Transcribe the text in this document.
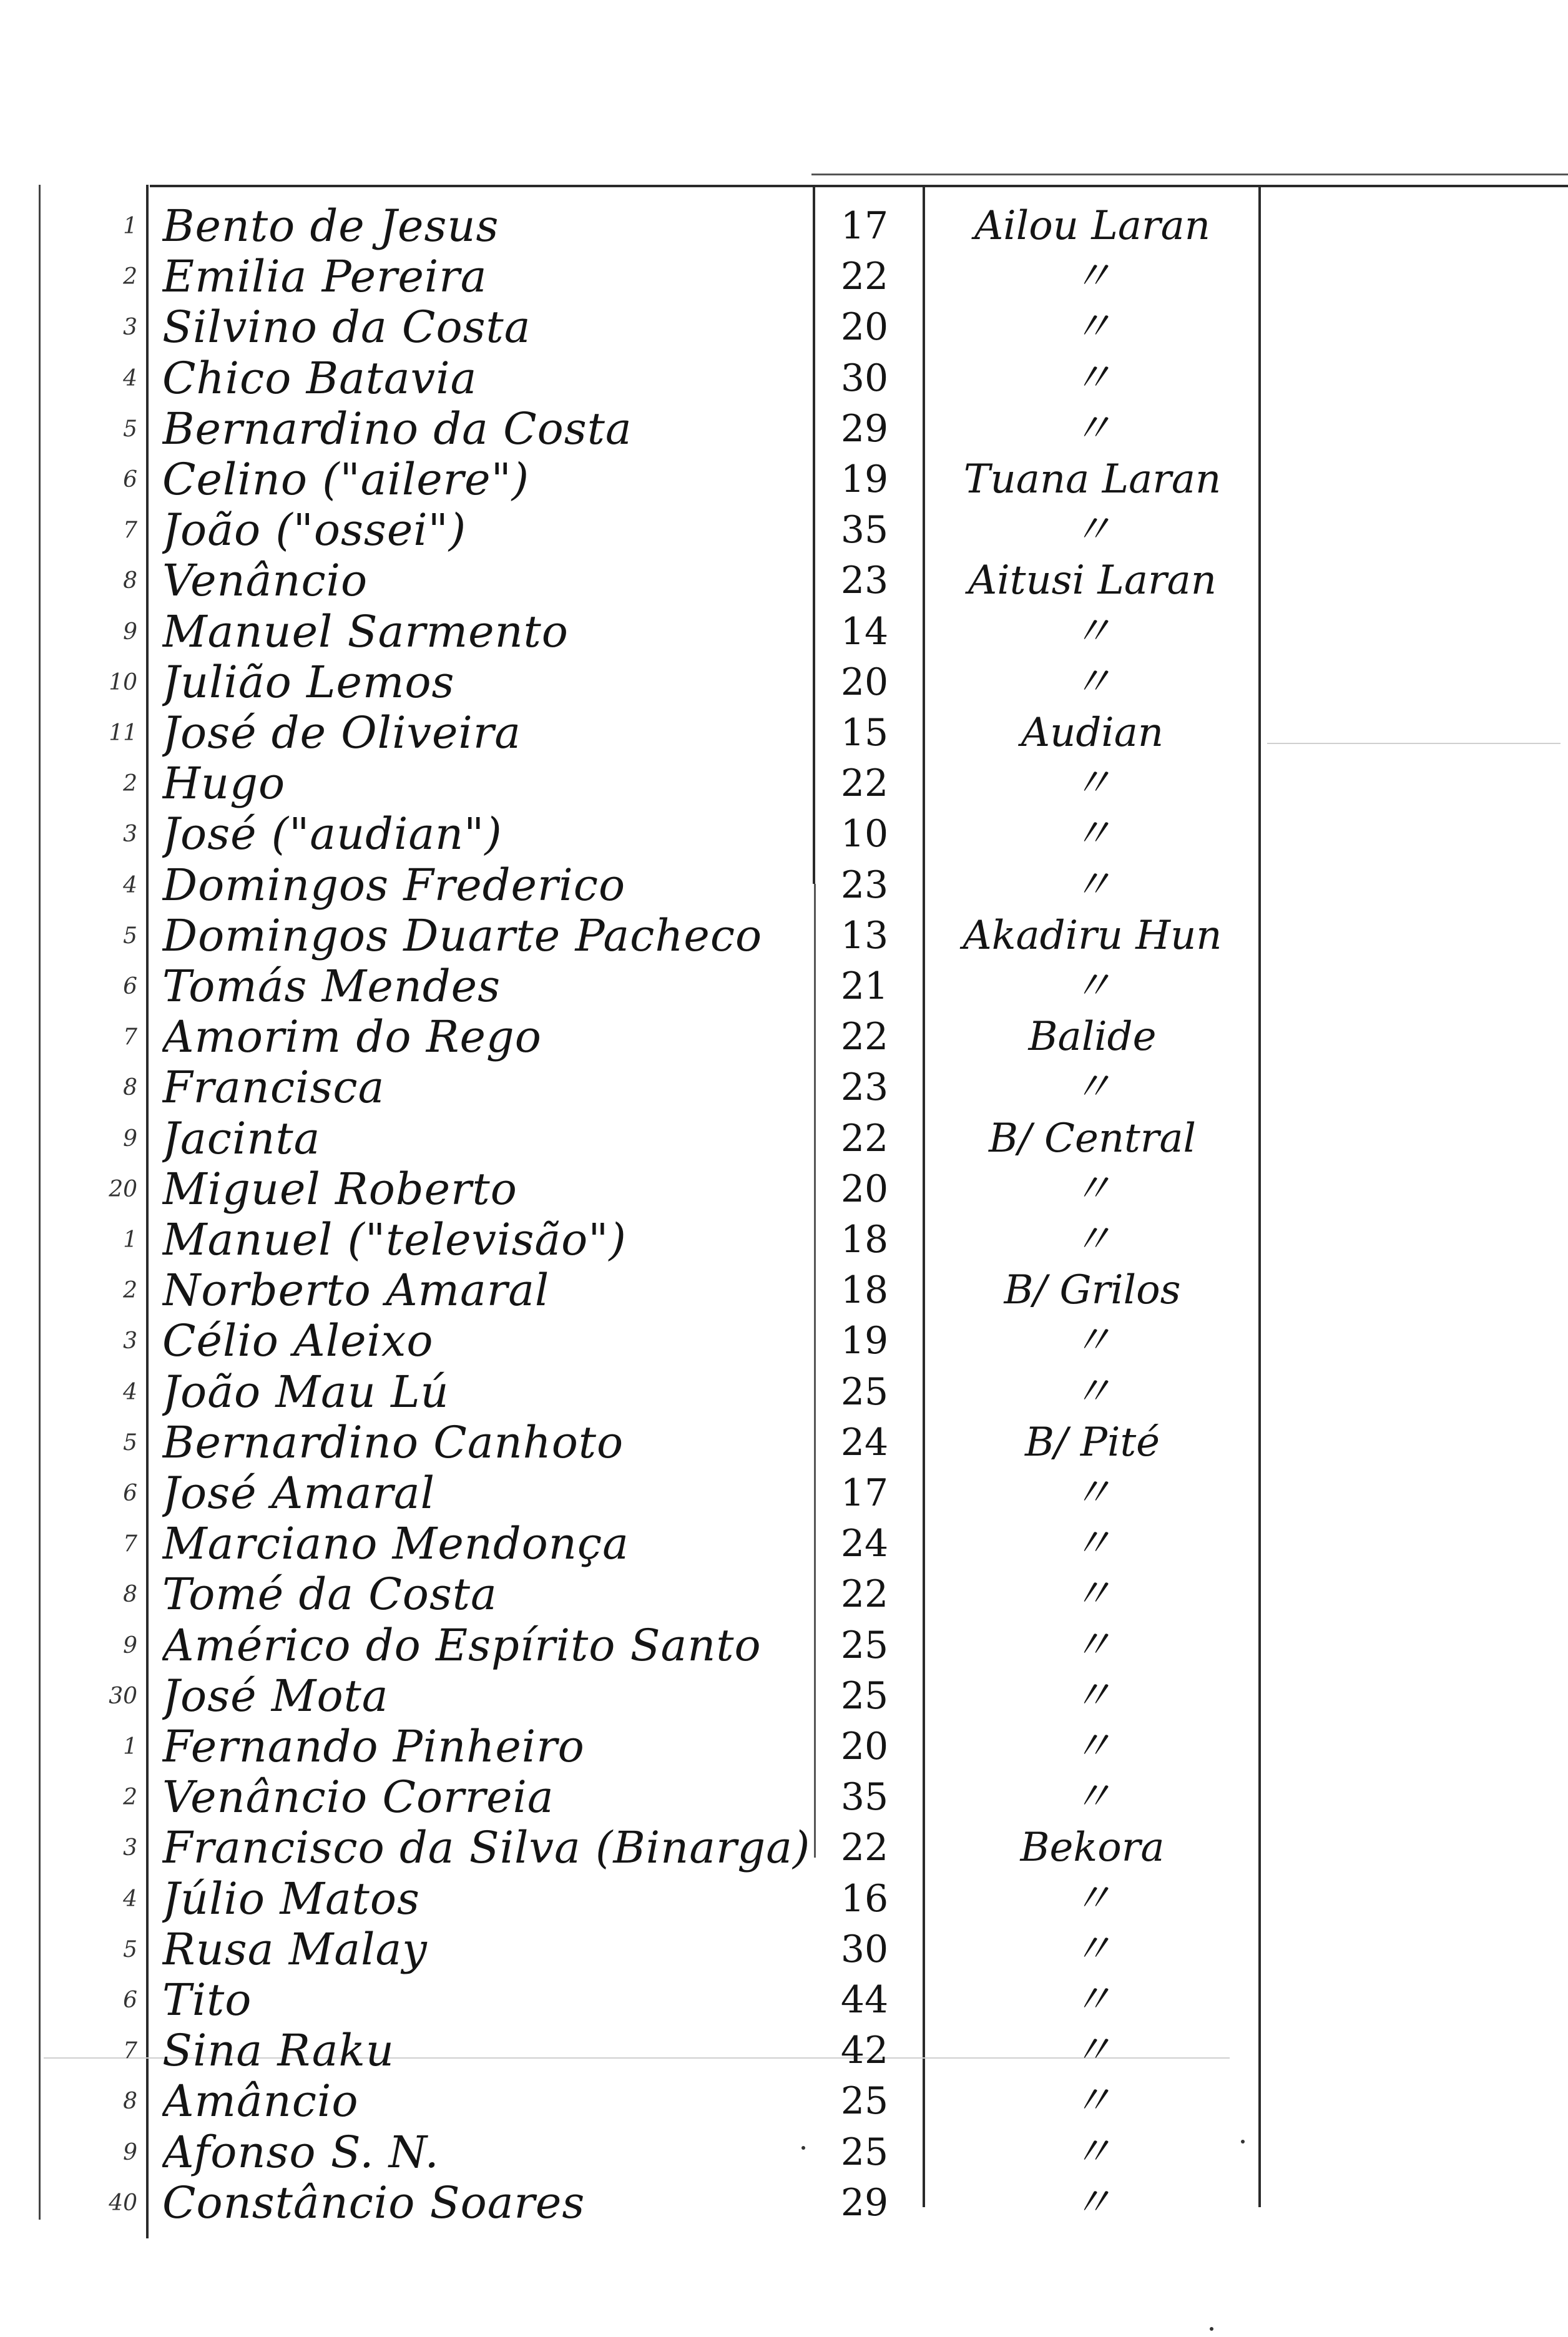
1 Bento de Jesus	17	Ailou Laran
2 Emilia Pereira	22	〃
3 Silvino da Costa	20	〃
4 Chico Batavia	30	〃
5 Bernardino da Costa	29	〃
6 Celino ("ailere")	19	Tuana Laran
7 João ("ossei")	35	〃
8 Venâncio	23	Aitusi Laran
9 Manuel Sarmento	14	〃
10 Julião Lemos	20	〃
11 José de Oliveira	15	Audian
2 Hugo	22	〃
3 José ("audian")	10	〃
4 Domingos Frederico	23	〃
5 Domingos Duarte Pacheco	13	Akadiru Hun
6 Tomás Mendes	21	〃
7 Amorim do Rego	22	Balide
8 Francisca	23	〃
9 Jacinta	22	B/ Central
20 Miguel Roberto	20	〃
1 Manuel ("televisão")	18	〃
2 Norberto Amaral	18	B/ Grilos
3 Célio Aleixo	19	〃
4 João Mau Lú	25	〃
5 Bernardino Canhoto	24	B/ Pité
6 José Amaral	17	〃
7 Marciano Mendonça	24	〃
8 Tomé da Costa	22	〃
9 Américo do Espírito Santo	25	〃
30 José Mota	25	〃
1 Fernando Pinheiro	20	〃
2 Venâncio Correia	35	〃
3 Francisco da Silva (Binarga) 22	Bekora
4 Júlio Matos	16	〃
5 Rusa Malay	30	〃
6 Tito	44	〃
7 Sina Raku	42	〃
8 Amâncio	25	〃
9 Afonso S. N.	25	〃
40 Constâncio Soares	29	〃
